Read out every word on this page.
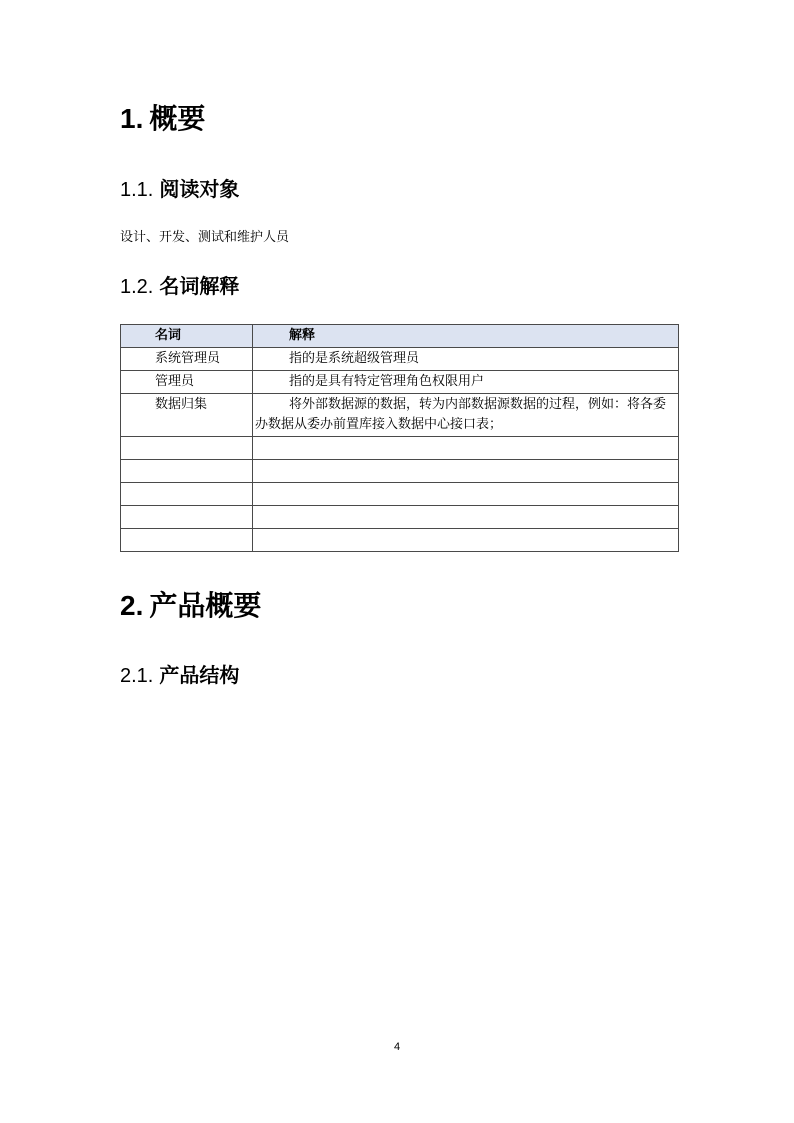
1. 概要
1.1. 阅读对象

设计、开发、测试和维护人员

1.2. 名词解释
名词	解释
系统管理员	指的是系统超级管理员
管理员	指的是具有特定管理角色权限用户
数据归集	将外部数据源的数据，转为内部数据源数据的过程，例如：将各委办数据从委办前置库接入数据中心接口表；

2. 产品概要
2.1. 产品结构
4
